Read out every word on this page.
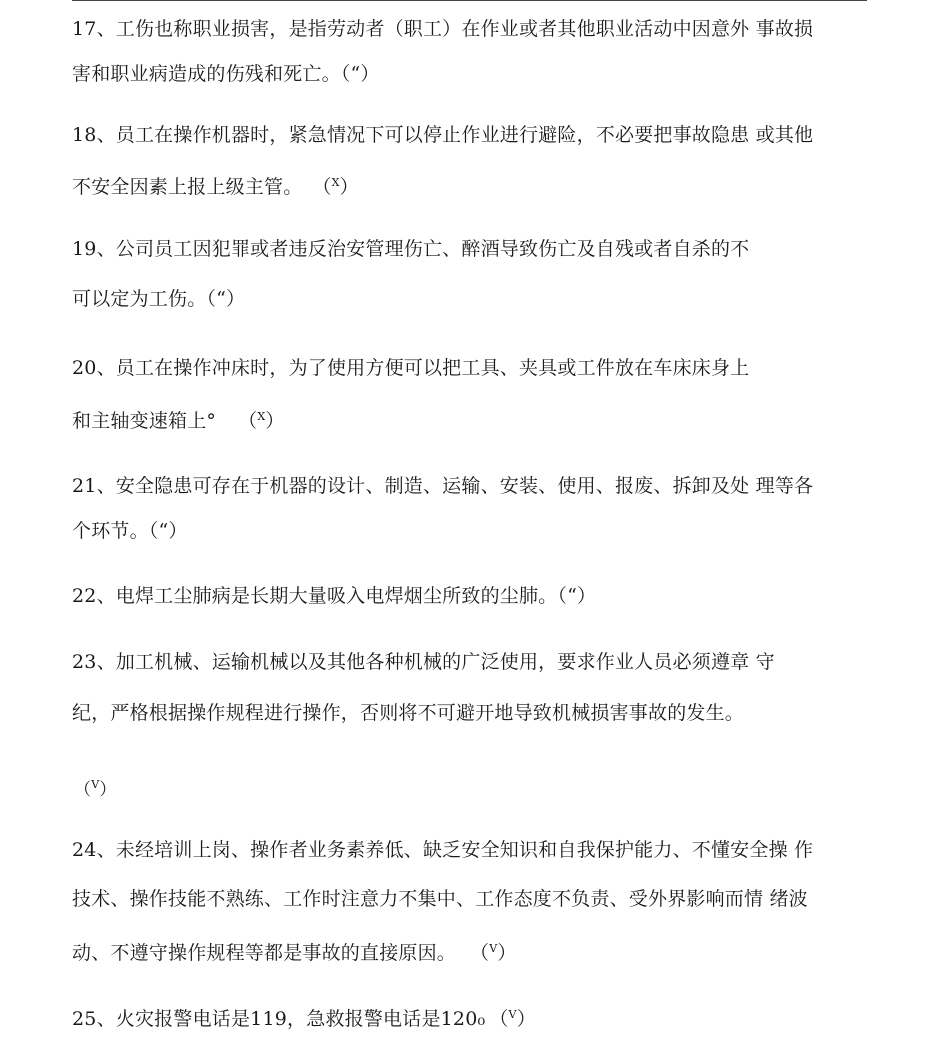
17、工伤也称职业损害，是指劳动者（职工）在作业或者其他职业活动中因意外 事故损
害和职业病造成的伤残和死亡。（“）
18、员工在操作机器时，紧急情况下可以停止作业进行避险，不必要把事故隐患 或其他
不安全因素上报上级主管。 （$^X$）
19、公司员工因犯罪或者违反治安管理伤亡、醉酒导致伤亡及自残或者自杀的不
可以定为工伤。（“）
20、员工在操作冲床时，为了使用方便可以把工具、夹具或工件放在车床床身上
和主轴变速箱上° （$^X$）
21、安全隐患可存在于机器的设计、制造、运输、安装、使用、报废、拆卸及处 理等各
个环节。（“）
22、电焊工尘肺病是长期大量吸入电焊烟尘所致的尘肺。（“）
23、加工机械、运输机械以及其他各种机械的广泛使用，要求作业人员必须遵章 守
纪，严格根据操作规程进行操作，否则将不可避开地导致机械损害事故的发生。
（$^V$）
24、未经培训上岗、操作者业务素养低、缺乏安全知识和自我保护能力、不懂安全操 作
技术、操作技能不熟练、工作时注意力不集中、工作态度不负责、受外界影响而情 绪波
动、不遵守操作规程等都是事故的直接原因。 （$^V$）
25、火灾报警电话是119，急救报警电话是120₀ （$^V$）
